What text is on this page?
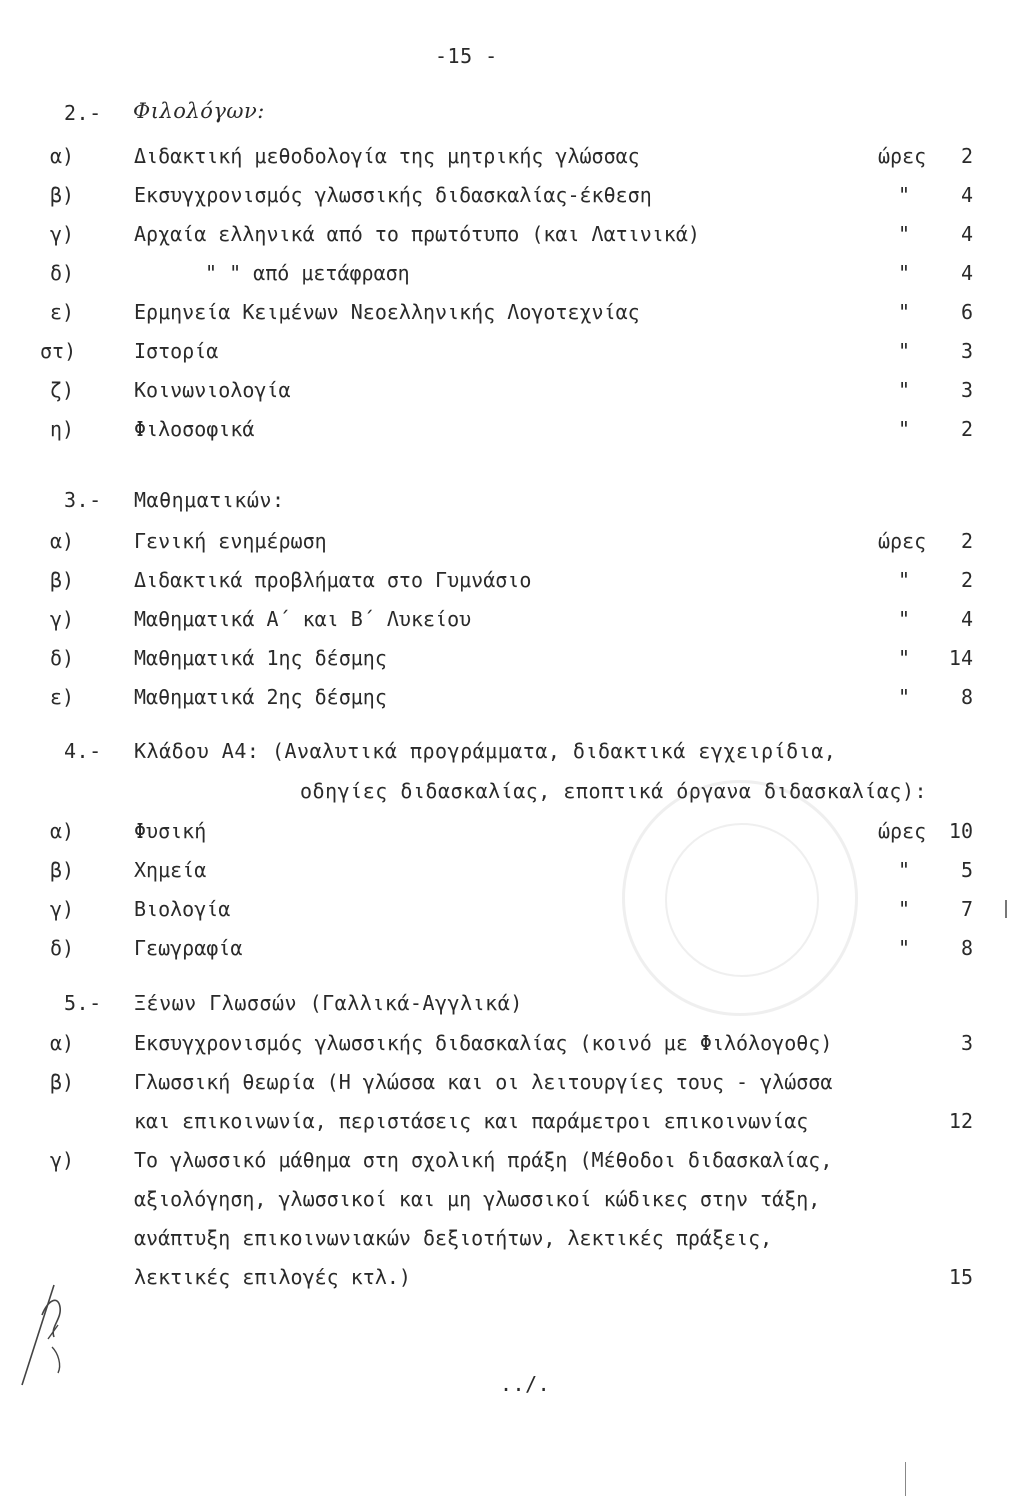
-15 -
2.- Φιλολόγων:
α)	Διδακτική μεθοδολογία της μητρικής γλώσσας	ώρες 2
β)	Εκσυγχρονισμός γλωσσικής διδασκαλίας-έκθεση	"	4
γ)	Αρχαία ελληνικά από το πρωτότυπο (και Λατινικά)	"	4
δ)	" " από μετάφραση	"	4
ε)	Ερμηνεία Κειμένων Νεοελληνικής Λογοτεχνίας	"	6
στ)	Ιστορία	"	3
ζ)	Κοινωνιολογία	"	3
η)	Φιλοσοφικά	"	2
3.- Μαθηματικών:
α)	Γενική ενημέρωση	ώρες 2
β)	Διδακτικά προβλήματα στο Γυμνάσιο	"	2
γ)	Μαθηματικά Α΄ και Β΄ Λυκείου	"	4
δ)	Μαθηματικά 1ης δέσμης	" 14
ε)	Μαθηματικά 2ης δέσμης	"	8
4.- Κλάδου Α4: (Αναλυτικά προγράμματα, διδακτικά εγχειρίδια,
οδηγίες διδασκαλίας, εποπτικά όργανα διδασκαλίας):
α)	Φυσική	ώρες 10
β)	Χημεία	"	5
γ)	Βιολογία	"	7
δ)	Γεωγραφία	"	8
5.- Ξένων Γλωσσών (Γαλλικά-Αγγλικά)
α)	Εκσυγχρονισμός γλωσσικής διδασκαλίας (κοινό με Φιλόλογοθς)	3
β)	Γλωσσική θεωρία (Η γλώσσα και οι λειτουργίες τους - γλώσσα
και επικοινωνία, περιστάσεις και παράμετροι επικοινωνίας	12
γ)	Το γλωσσικό μάθημα στη σχολική πράξη (Μέθοδοι διδασκαλίας,
αξιολόγηση, γλωσσικοί και μη γλωσσικοί κώδικες στην τάξη,
ανάπτυξη επικοινωνιακών δεξιοτήτων, λεκτικές πράξεις,
λεκτικές επιλογές κτλ.)	15
../.
